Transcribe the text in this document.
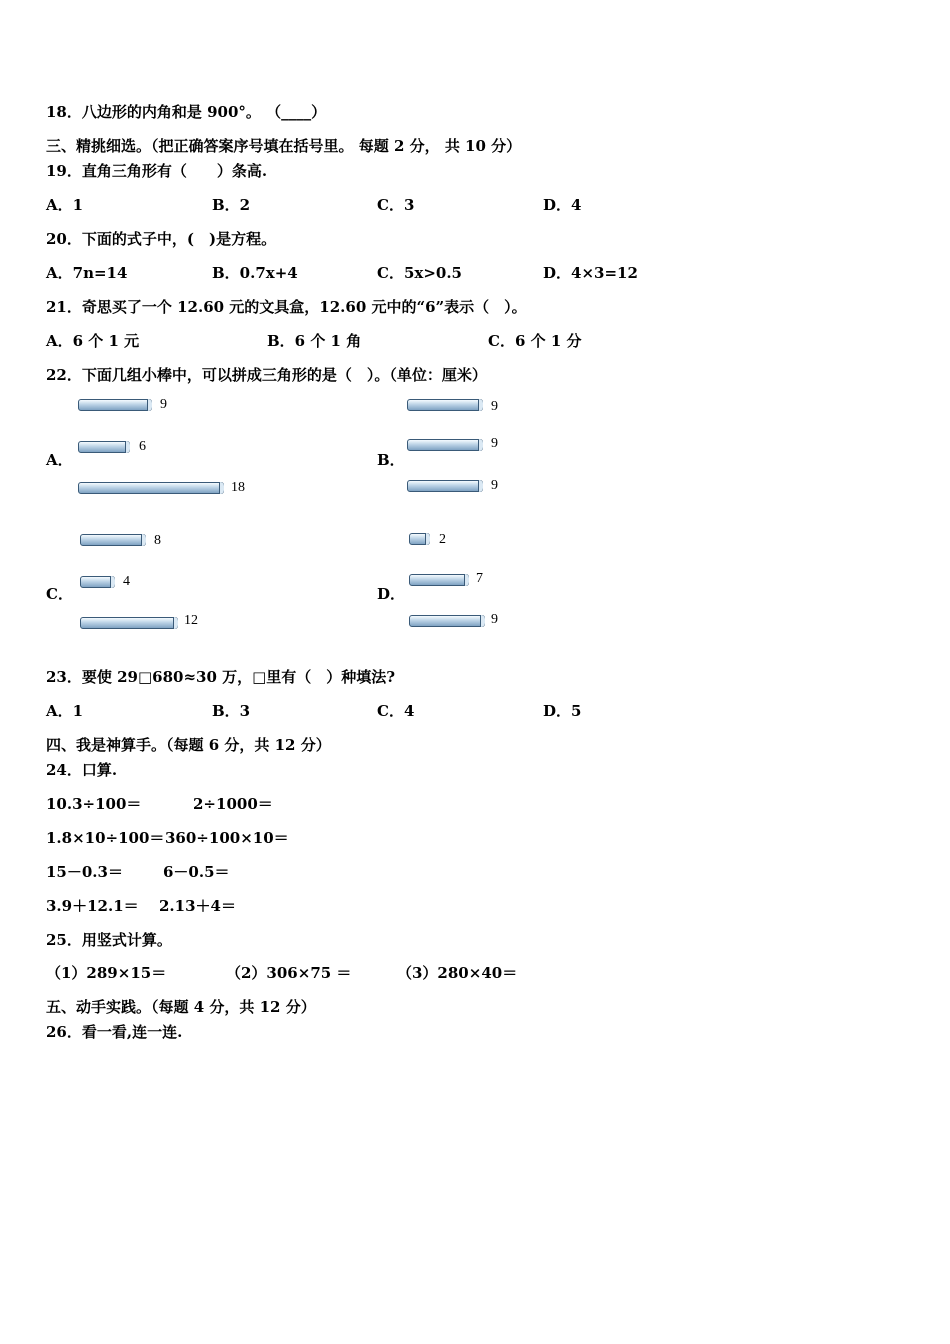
18．八边形的内角和是 900°。 （____）
三、精挑细选。（把正确答案序号填在括号里。 每题 2 分， 共 10 分）
19．直角三角形有（　　）条高.
A．1	B．2	C．3	D．4
20．下面的式子中，(　)是方程。
A．7n=14	B．0.7x+4	C．5x>0.5	D．4×3=12
21．奇思买了一个 12.60 元的文具盒，12.60 元中的“6”表示（　）。
A．6 个 1 元	B．6 个 1 角	C．6 个 1 分
22．下面几组小棒中，可以拼成三角形的是（　）。（单位：厘米）
A．
9
6
18
B．
9
9
9
C．
8
4
12
D．
2
7
9
23．要使 29□680≈30 万，□里有（　）种填法?
A．1	B．3	C．4	D．5
四、我是神算手。（每题 6 分，共 12 分）
24．口算.
10.3÷100＝	2÷1000＝
1.8×10÷100＝ 360÷100×10＝
15－0.3＝	6－0.5＝
3.9＋12.1＝ 2.13＋4＝
25．用竖式计算。
（1）289×15＝	（2）306×75 ＝	（3）280×40＝
五、动手实践。（每题 4 分，共 12 分）
26．看一看,连一连.
